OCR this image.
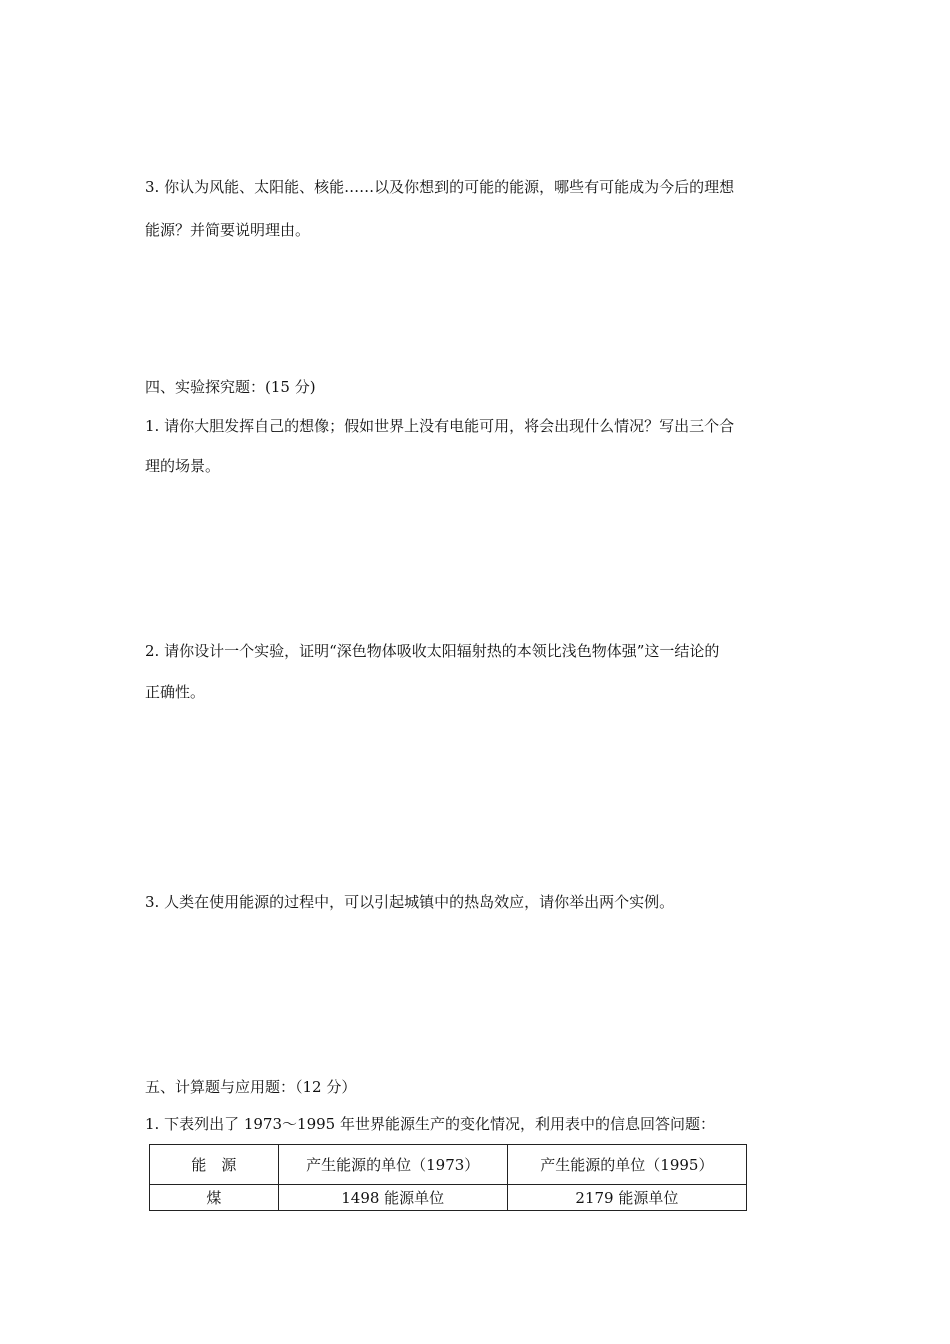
3. 你认为风能、太阳能、核能……以及你想到的可能的能源，哪些有可能成为今后的理想
能源？并简要说明理由。
四、实验探究题：(15 分)
1. 请你大胆发挥自己的想像；假如世界上没有电能可用，将会出现什么情况？写出三个合
理的场景。
2. 请你设计一个实验，证明“深色物体吸收太阳辐射热的本领比浅色物体强”这一结论的
正确性。
3. 人类在使用能源的过程中，可以引起城镇中的热岛效应，请你举出两个实例。
五、计算题与应用题：（12 分）
1. 下表列出了 1973～1995 年世界能源生产的变化情况，利用表中的信息回答问题：
能　源	产生能源的单位（1973）	产生能源的单位（1995）
煤	1498 能源单位	2179 能源单位
